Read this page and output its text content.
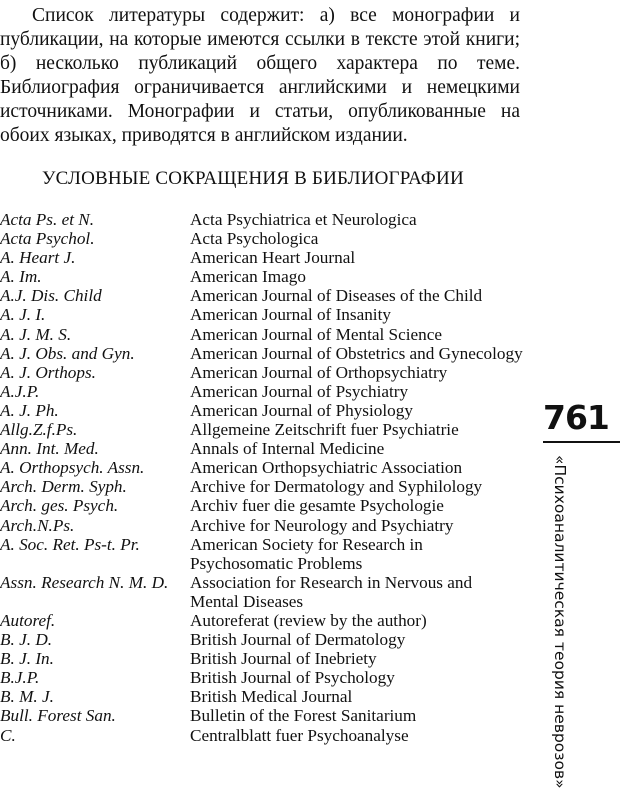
Список литературы содержит: а) все монографии и публикации, на которые имеются ссылки в тексте этой книги; б) несколько публикаций общего характера по теме. Библиография ограничивается английскими и немецкими источниками. Монографии и статьи, опубликованные на обоих языках, приводятся в английском издании.

УСЛОВНЫЕ СОКРАЩЕНИЯ В БИБЛИОГРАФИИ
Acta Ps. et N.	Acta Psychiatrica et Neurologica
Acta Psychol.	Acta Psychologica
A. Heart J.	American Heart Journal
A. Im.	American Imago
A.J. Dis. Child	American Journal of Diseases of the Child
A. J. I.	American Journal of Insanity
A. J. M. S.	American Journal of Mental Science
A. J. Obs. and Gyn.	American Journal of Obstetrics and Gynecology
A. J. Orthops.	American Journal of Orthopsychiatry
A.J.P.	American Journal of Psychiatry
A. J. Ph.	American Journal of Physiology
Allg.Z.f.Ps.	Allgemeine Zeitschrift fuer Psychiatrie
Ann. Int. Med.	Annals of Internal Medicine
A. Orthopsych. Assn.	American Orthopsychiatric Association
Arch. Derm. Syph.	Archive for Dermatology and Syphilology
Arch. ges. Psych.	Archiv fuer die gesamte Psychologie
Arch.N.Ps.	Archive for Neurology and Psychiatry
A. Soc. Ret. Ps-t. Pr.	American Society for Research in Psychosomatic Problems
Assn. Research N. M. D.	Association for Research in Nervous and Mental Diseases
Autoref.	Autoreferat (review by the author)
B. J. D.	British Journal of Dermatology
B. J. In.	British Journal of Inebriety
B.J.P.	British Journal of Psychology
B. M. J.	British Medical Journal
Bull. Forest San.	Bulletin of the Forest Sanitarium
C.	Centralblatt fuer Psychoanalyse
761
«Психоаналитическая теория неврозов»
